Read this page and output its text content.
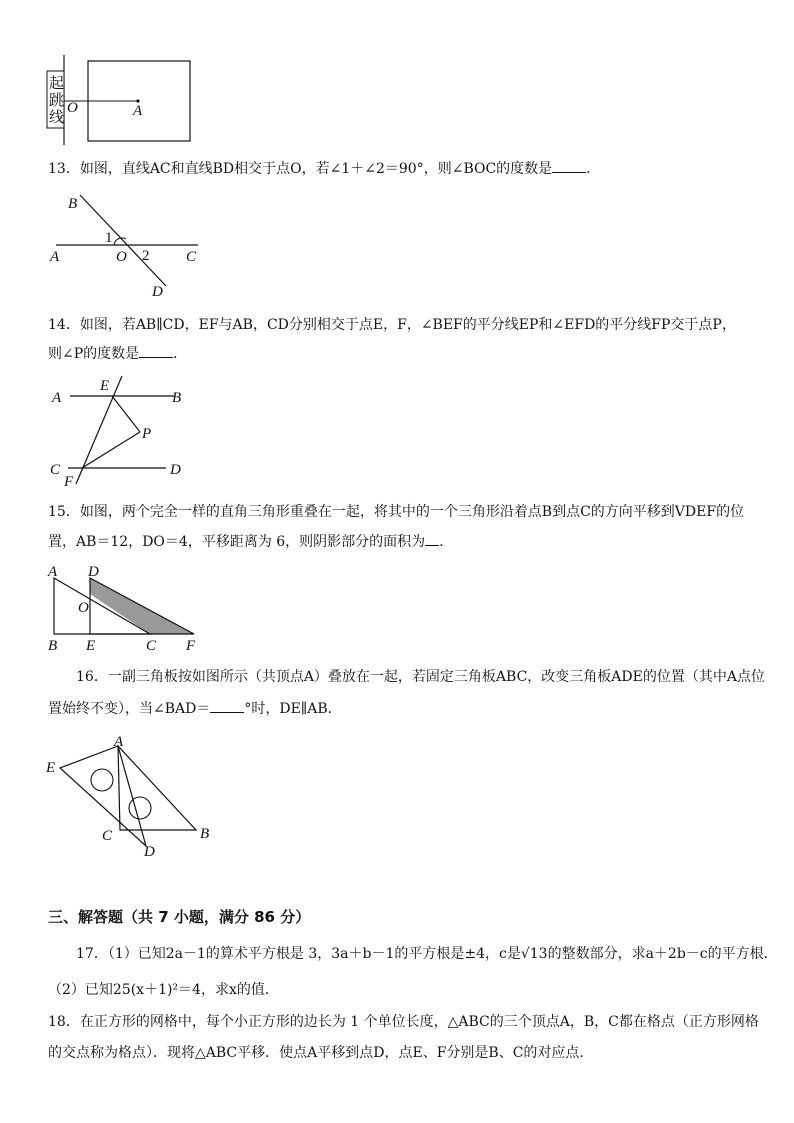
起
跳
线
O	A
13．如图，直线AC和直线BD相交于点O，若∠1＋∠2＝90°，则∠BOC的度数是 ．
B
A	O	C
D
1
2
14．如图，若AB∥CD，EF与AB，CD分别相交于点E，F，∠BEF的平分线EP和∠EFD的平分线FP交于点P，
则∠P的度数是 ．
A
E
B
P
C	D
F
15．如图，两个完全一样的直角三角形重叠在一起，将其中的一个三角形沿着点B到点C的方向平移到VDEF的位
置，AB＝12，DO＝4，平移距离为 6，则阴影部分的面积为 ．
A D
O
B E	C F
16．一副三角板按如图所示（共顶点A）叠放在一起，若固定三角板ABC，改变三角板ADE的位置（其中A点位
置始终不变），当∠BAD＝ °时，DE∥AB．
A
E
C	B
D
三、解答题（共 7 小题，满分 86 分）
17．（1）已知2a－1的算术平方根是 3，3a＋b－1的平方根是±4，c是√13的整数部分，求a＋2b－c的平方根．
（2）已知25(x＋1)²＝4，求x的值．
18．在正方形的网格中，每个小正方形的边长为 1 个单位长度，△ABC的三个顶点A，B，C都在格点（正方形网格
的交点称为格点）．现将△ABC平移．使点A平移到点D，点E、F分别是B、C的对应点．
